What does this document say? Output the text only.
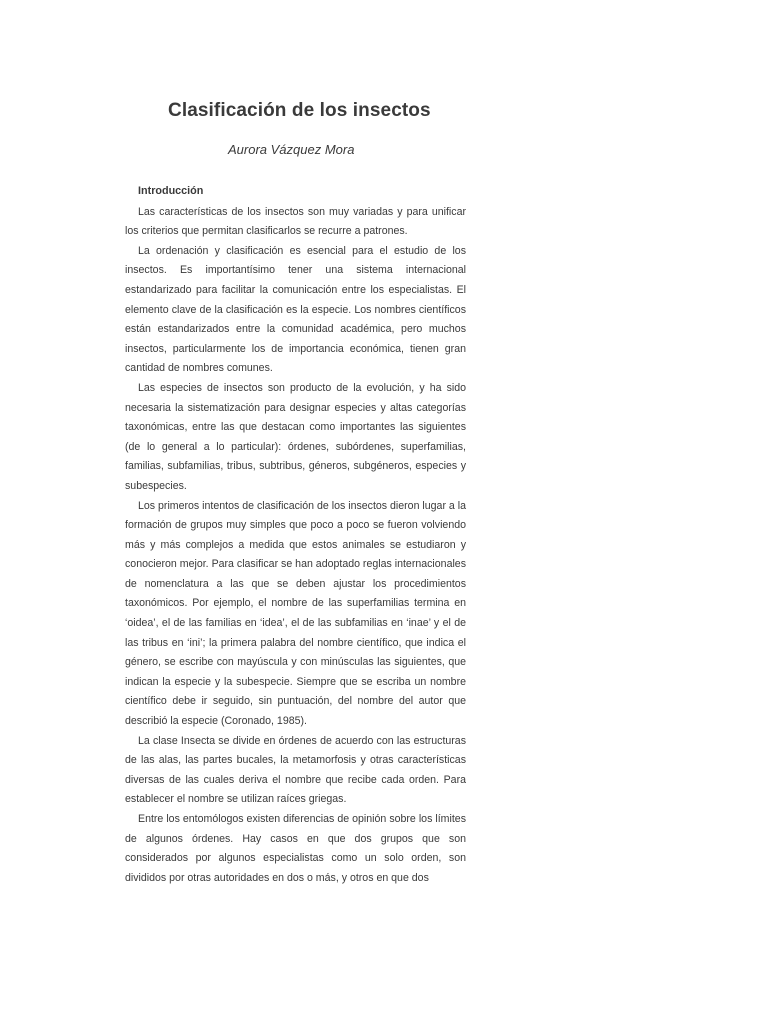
Clasificación de los insectos

Aurora Vázquez Mora

Introducción

Las características de los insectos son muy variadas y para unificar los criterios que permitan clasificarlos se recurre a patrones.

La ordenación y clasificación es esencial para el estudio de los insectos. Es importantísimo tener una sistema internacional estandarizado para facilitar la comunicación entre los especialistas. El elemento clave de la clasificación es la especie. Los nombres científicos están estandarizados entre la comunidad académica, pero muchos insectos, particularmente los de importancia económica, tienen gran cantidad de nombres comunes.

Las especies de insectos son producto de la evolución, y ha sido necesaria la sistematización para designar especies y altas categorías taxonómicas, entre las que destacan como importantes las siguientes (de lo general a lo particular): órdenes, subórdenes, superfamilias, familias, subfamilias, tribus, subtribus, géneros, subgéneros, especies y subespecies.

Los primeros intentos de clasificación de los insectos dieron lugar a la formación de grupos muy simples que poco a poco se fueron volviendo más y más complejos a medida que estos animales se estudiaron y conocieron mejor. Para clasificar se han adoptado reglas internacionales de nomenclatura a las que se deben ajustar los procedimientos taxonómicos. Por ejemplo, el nombre de las superfamilias termina en ‘oidea’, el de las familias en ‘idea’, el de las subfamilias en ‘inae’ y el de las tribus en ‘ini’; la primera palabra del nombre científico, que indica el género, se escribe con mayúscula y con minúsculas las siguientes, que indican la especie y la subespecie. Siempre que se escriba un nombre científico debe ir seguido, sin puntuación, del nombre del autor que describió la especie (Coronado, 1985).

La clase Insecta se divide en órdenes de acuerdo con las estructuras de las alas, las partes bucales, la metamorfosis y otras características diversas de las cuales deriva el nombre que recibe cada orden. Para establecer el nombre se utilizan raíces griegas.

Entre los entomólogos existen diferencias de opinión sobre los límites de algunos órdenes. Hay casos en que dos grupos que son considerados por algunos especialistas como un solo orden, son divididos por otras autoridades en dos o más, y otros en que dos
